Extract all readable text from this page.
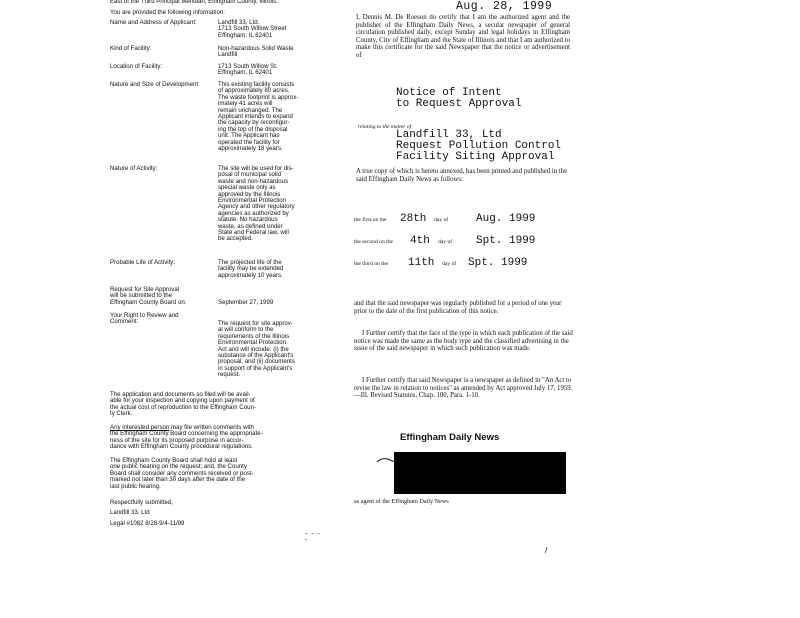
East of the Third Principal Meridian, Effingham County, Illinois.
You are provided the following information:
Name and Address of Applicant:	Landfill 33, Ltd.
1713 South Willow Street
Effingham, IL 62401
Kind of Facility:	Non-hazardous Solid Waste
Landfill
Location of Facility:	1713 South Willow St.
Effingham, IL 62401
Nature and Size of Development:	This existing facility consists
of approximately 80 acres.
The waste footprint is approx-
imately 41 acres will
remain unchanged. The
Applicant intends to expand
the capacity by reconfigur-
ing the top of the disposal
unit. The Applicant has
operated the facility for
approximately 18 years.
Nature of Activity:	The site will be used for dis-
posal of municipal solid
waste and non-hazardous
special waste only as
approved by the Illinois
Environmental Protection
Agency and other regulatory
agencies as authorized by
statute. No hazardous
waste, as defined under
State and Federal law, will
be accepted.
Probable Life of Activity:	The projected life of the
facility may be extended
approximately 10 years.
Request for Site Approval
will be submitted to the
Effingham County Board on:	September 27, 1999
Your Right to Review and
Comment:	The request for site approv-
al will conform to the
requirements of the Illinois
Environmental Protection
Act and will include: (i) the
substance of the Applicant's
proposal; and (ii) documents
in support of the Applicant's
request.
The application and documents so filed will be avail-
able for your inspection and copying upon payment of
the actual cost of reproduction to the Effingham Coun-
ty Clerk.
Any interested person may file written comments with
the Effingham County Board concerning the appropriate-
ness of the site for its proposed purpose in accor-
dance with Effingham County procedural regulations.
The Effingham County Board shall hold at least
one public hearing on the request; and, the County
Board shall consider any comments received or post-
marked not later than 30 days after the date of the
last public hearing.
Respectfully submitted,
Landfill 33, Ltd
Legal #1082 8/28-9/4-11/99
- - - -
Aug. 28, 1999
I, Dennis M. De Roeson do certify that I am the authorized agent and the publisher of the Effingham Daily News, a secular newspaper of general circulation published daily, except Sunday and legal holidays in Effingham County, City of Effingham and the State of Illinois and that I am authorized to make this certificate for the said Newspaper that the notice or advertisement of
Notice of Intent
to Request Approval
relating to the matter of
Landfill 33, Ltd
Request Pollution Control
Facility Siting Approval
A true copy of which is hereto annexed, has been printed and published in the said Effingham Daily News as follows:
the first on the 28th day of	Aug. 1999
the second on the 4th day of Spt. 1999
the third on the 11th day of Spt. 1999
and that the said newspaper was regularly published for a period of one year prior to the date of the first publication of this notice.
I Further certify that the face of the type in which each publication of the said notice was made the same as the body type and the classified advertising in the issue of the said newspaper in which such publication was made.
I Further certify that said Newspaper is a newspaper as defined in "An Act to revise the law in relation to notices" as amended by Act approved July 17, 1959.—Ill. Revised Statutes, Chap. 100, Para. 1-10.
Effingham Daily News
as agent of the Effingham Daily News
/
